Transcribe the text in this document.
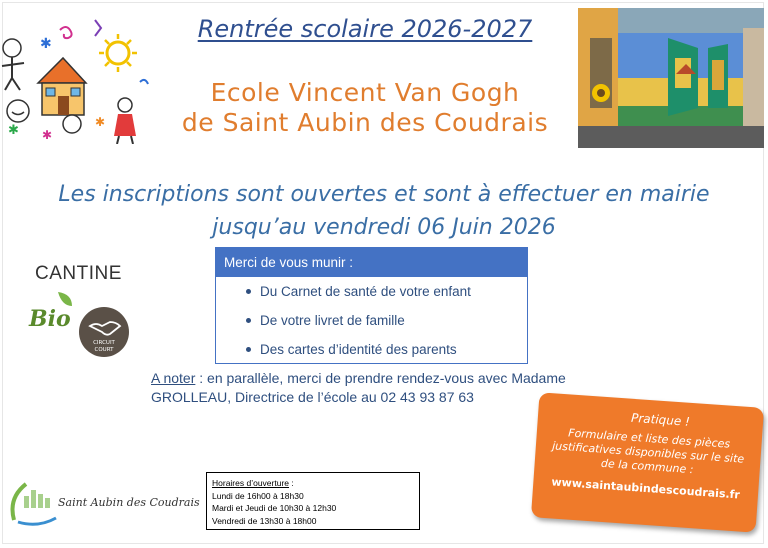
✱
✱ ✱
✱
Rentrée scolaire 2026-2027
Ecole Vincent Van Gogh
de Saint Aubin des Coudrais
Les inscriptions sont ouvertes et sont à effectuer en mairie
jusqu’au vendredi 06 Juin 2026
CANTINE
Bio
CIRCUIT
COURT
Merci de vous munir :
Du Carnet de santé de votre enfant
De votre livret de famille
Des cartes d’identité des parents
A noter : en parallèle, merci de prendre rendez-vous avec Madame GROLLEAU, Directrice de l’école au 02 43 93 87 63
Saint Aubin des Coudrais
Horaires d’ouverture :
Lundi de 16h00 à 18h30
Mardi et Jeudi de 10h30 à 12h30
Vendredi de 13h30 à 18h00
Pratique !
Formulaire et liste des pièces justificatives disponibles sur le site de la commune :
www.saintaubindescoudrais.fr
